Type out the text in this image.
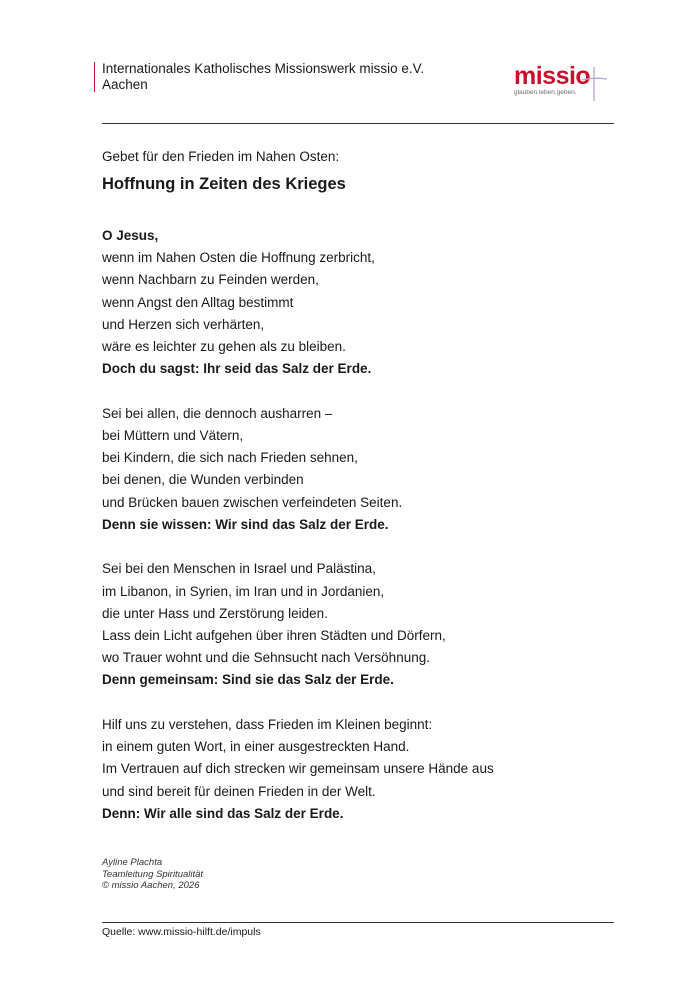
Internationales Katholisches Missionswerk missio e.V.
Aachen	missio
glauben.leben.geben.
Gebet für den Frieden im Nahen Osten:
Hoffnung in Zeiten des Krieges
O Jesus,
wenn im Nahen Osten die Hoffnung zerbricht,
wenn Nachbarn zu Feinden werden,
wenn Angst den Alltag bestimmt
und Herzen sich verhärten,
wäre es leichter zu gehen als zu bleiben.
Doch du sagst: Ihr seid das Salz der Erde.
Sei bei allen, die dennoch ausharren –
bei Müttern und Vätern,
bei Kindern, die sich nach Frieden sehnen,
bei denen, die Wunden verbinden
und Brücken bauen zwischen verfeindeten Seiten.
Denn sie wissen: Wir sind das Salz der Erde.
Sei bei den Menschen in Israel und Palästina,
im Libanon, in Syrien, im Iran und in Jordanien,
die unter Hass und Zerstörung leiden.
Lass dein Licht aufgehen über ihren Städten und Dörfern,
wo Trauer wohnt und die Sehnsucht nach Versöhnung.
Denn gemeinsam: Sind sie das Salz der Erde.
Hilf uns zu verstehen, dass Frieden im Kleinen beginnt:
in einem guten Wort, in einer ausgestreckten Hand.
Im Vertrauen auf dich strecken wir gemeinsam unsere Hände aus
und sind bereit für deinen Frieden in der Welt.
Denn: Wir alle sind das Salz der Erde.
Ayline Plachta
Teamleitung Spiritualität
© missio Aachen, 2026
Quelle: www.missio-hilft.de/impuls
